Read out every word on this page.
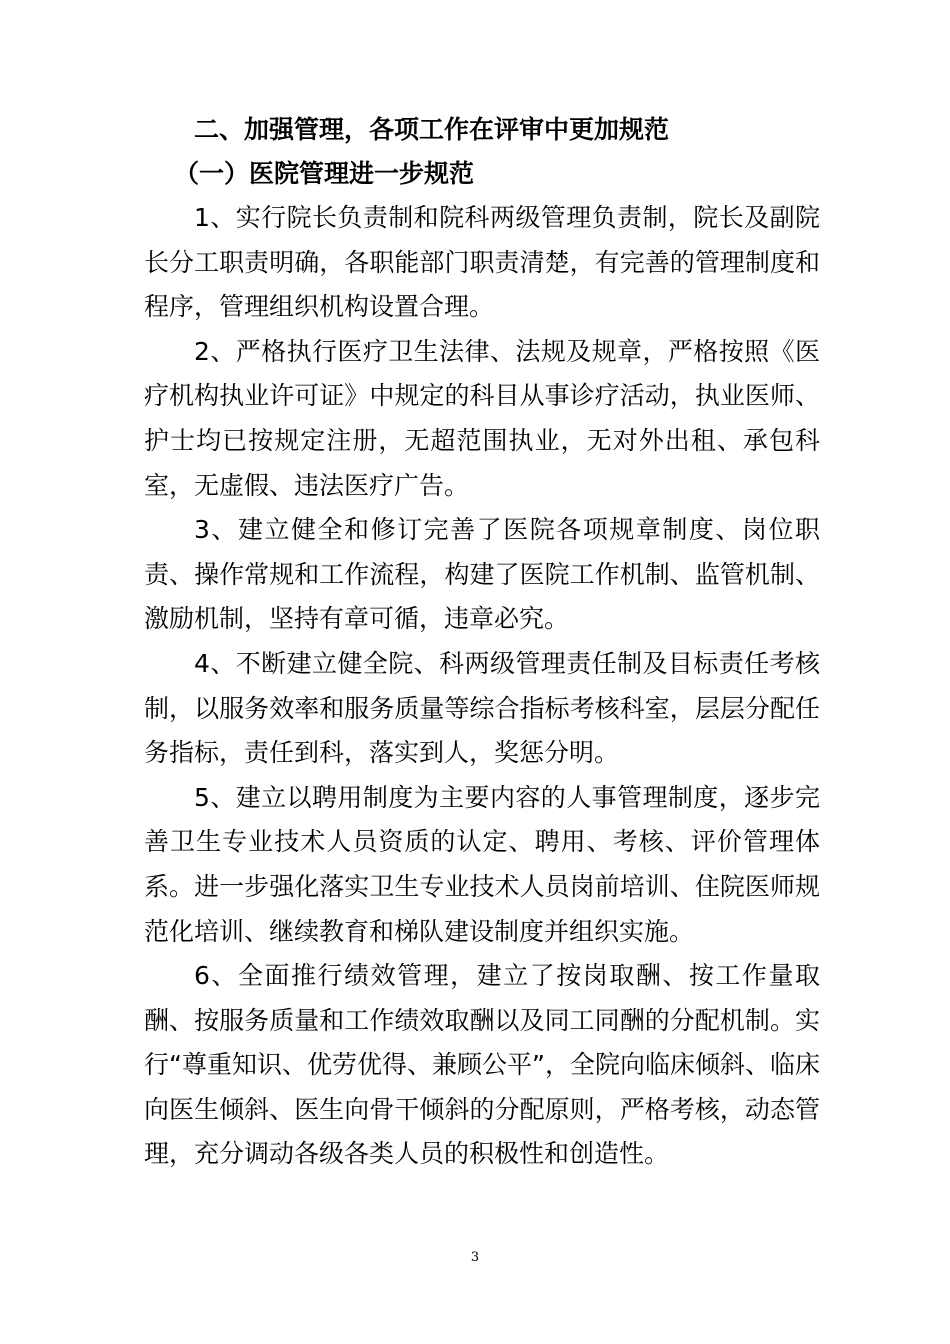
二、加强管理，各项工作在评审中更加规范

（一）医院管理进一步规范

1、实行院长负责制和院科两级管理负责制，院长及副院长分工职责明确，各职能部门职责清楚，有完善的管理制度和程序，管理组织机构设置合理。

2、严格执行医疗卫生法律、法规及规章，严格按照《医疗机构执业许可证》中规定的科目从事诊疗活动，执业医师、护士均已按规定注册，无超范围执业，无对外出租、承包科室，无虚假、违法医疗广告。

3、建立健全和修订完善了医院各项规章制度、岗位职责、操作常规和工作流程，构建了医院工作机制、监管机制、激励机制，坚持有章可循，违章必究。

4、不断建立健全院、科两级管理责任制及目标责任考核制，以服务效率和服务质量等综合指标考核科室，层层分配任务指标，责任到科，落实到人，奖惩分明。

5、建立以聘用制度为主要内容的人事管理制度，逐步完善卫生专业技术人员资质的认定、聘用、考核、评价管理体系。进一步强化落实卫生专业技术人员岗前培训、住院医师规范化培训、继续教育和梯队建设制度并组织实施。

6、全面推行绩效管理，建立了按岗取酬、按工作量取酬、按服务质量和工作绩效取酬以及同工同酬的分配机制。实行“尊重知识、优劳优得、兼顾公平”，全院向临床倾斜、临床向医生倾斜、医生向骨干倾斜的分配原则，严格考核，动态管理，充分调动各级各类人员的积极性和创造性。

3
